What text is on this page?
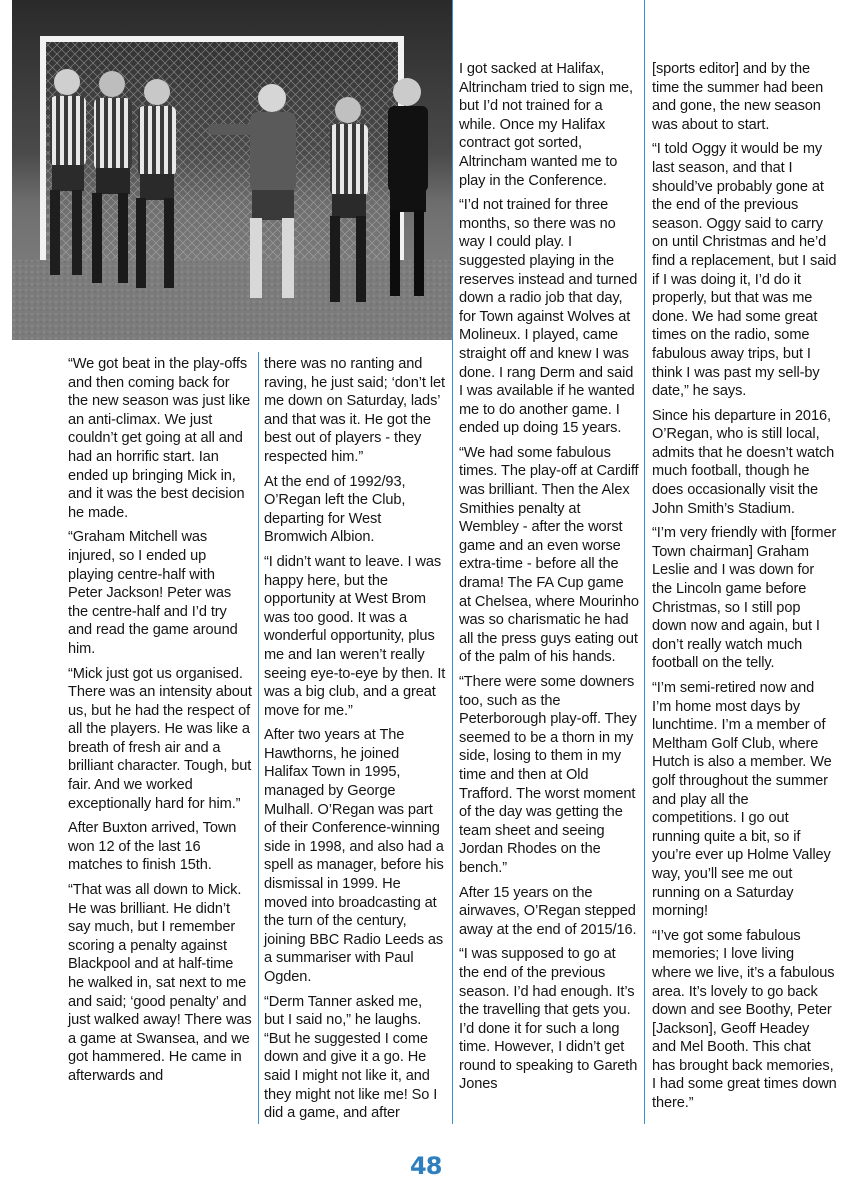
“We got beat in the play-offs and then coming back for the new season was just like an anti-climax. We just couldn’t get going at all and had an horrific start. Ian ended up bringing Mick in, and it was the best decision he made.

“Graham Mitchell was injured, so I ended up playing centre-half with Peter Jackson! Peter was the centre-half and I’d try and read the game around him.

“Mick just got us organised. There was an intensity about us, but he had the respect of all the players. He was like a breath of fresh air and a brilliant character. Tough, but fair. And we worked exceptionally hard for him.”

After Buxton arrived, Town won 12 of the last 16 matches to finish 15th.

“That was all down to Mick. He was brilliant. He didn’t say much, but I remember scoring a penalty against Blackpool and at half-time he walked in, sat next to me and said; ‘good penalty’ and just walked away! There was a game at Swansea, and we got hammered. He came in afterwards and

there was no ranting and raving, he just said; ‘don’t let me down on Saturday, lads’ and that was it. He got the best out of players - they respected him.”

At the end of 1992/93, O’Regan left the Club, departing for West Bromwich Albion.

“I didn’t want to leave. I was happy here, but the opportunity at West Brom was too good. It was a wonderful opportunity, plus me and Ian weren’t really seeing eye-to-eye by then. It was a big club, and a great move for me.”

After two years at The Hawthorns, he joined Halifax Town in 1995, managed by George Mulhall. O’Regan was part of their Conference-winning side in 1998, and also had a spell as manager, before his dismissal in 1999. He moved into broadcasting at the turn of the century, joining BBC Radio Leeds as a summariser with Paul Ogden.

“Derm Tanner asked me, but I said no,” he laughs. “But he suggested I come down and give it a go. He said I might not like it, and they might not like me! So I did a game, and after

I got sacked at Halifax, Altrincham tried to sign me, but I’d not trained for a while. Once my Halifax contract got sorted, Altrincham wanted me to play in the Conference.

“I’d not trained for three months, so there was no way I could play. I suggested playing in the reserves instead and turned down a radio job that day, for Town against Wolves at Molineux. I played, came straight off and knew I was done. I rang Derm and said I was available if he wanted me to do another game. I ended up doing 15 years.

“We had some fabulous times. The play-off at Cardiff was brilliant. Then the Alex Smithies penalty at Wembley - after the worst game and an even worse extra-time - before all the drama! The FA Cup game at Chelsea, where Mourinho was so charismatic he had all the press guys eating out of the palm of his hands.

“There were some downers too, such as the Peterborough play-off. They seemed to be a thorn in my side, losing to them in my time and then at Old Trafford. The worst moment of the day was getting the team sheet and seeing Jordan Rhodes on the bench.”

After 15 years on the airwaves, O’Regan stepped away at the end of 2015/16.

“I was supposed to go at the end of the previous season. I’d had enough. It’s the travelling that gets you. I’d done it for such a long time. However, I didn’t get round to speaking to Gareth Jones

[sports editor] and by the time the summer had been and gone, the new season was about to start.

“I told Oggy it would be my last season, and that I should’ve probably gone at the end of the previous season. Oggy said to carry on until Christmas and he’d find a replacement, but I said if I was doing it, I’d do it properly, but that was me done. We had some great times on the radio, some fabulous away trips, but I think I was past my sell-by date,” he says.

Since his departure in 2016, O’Regan, who is still local, admits that he doesn’t watch much football, though he does occasionally visit the John Smith’s Stadium.

“I’m very friendly with [former Town chairman] Graham Leslie and I was down for the Lincoln game before Christmas, so I still pop down now and again, but I don’t really watch much football on the telly.

“I’m semi-retired now and I’m home most days by lunchtime. I’m a member of Meltham Golf Club, where Hutch is also a member. We golf throughout the summer and play all the competitions. I go out running quite a bit, so if you’re ever up Holme Valley way, you’ll see me out running on a Saturday morning!

“I’ve got some fabulous memories; I love living where we live, it’s a fabulous area. It’s lovely to go back down and see Boothy, Peter [Jackson], Geoff Headey and Mel Booth. This chat has brought back memories, I had some great times down there.”

48
